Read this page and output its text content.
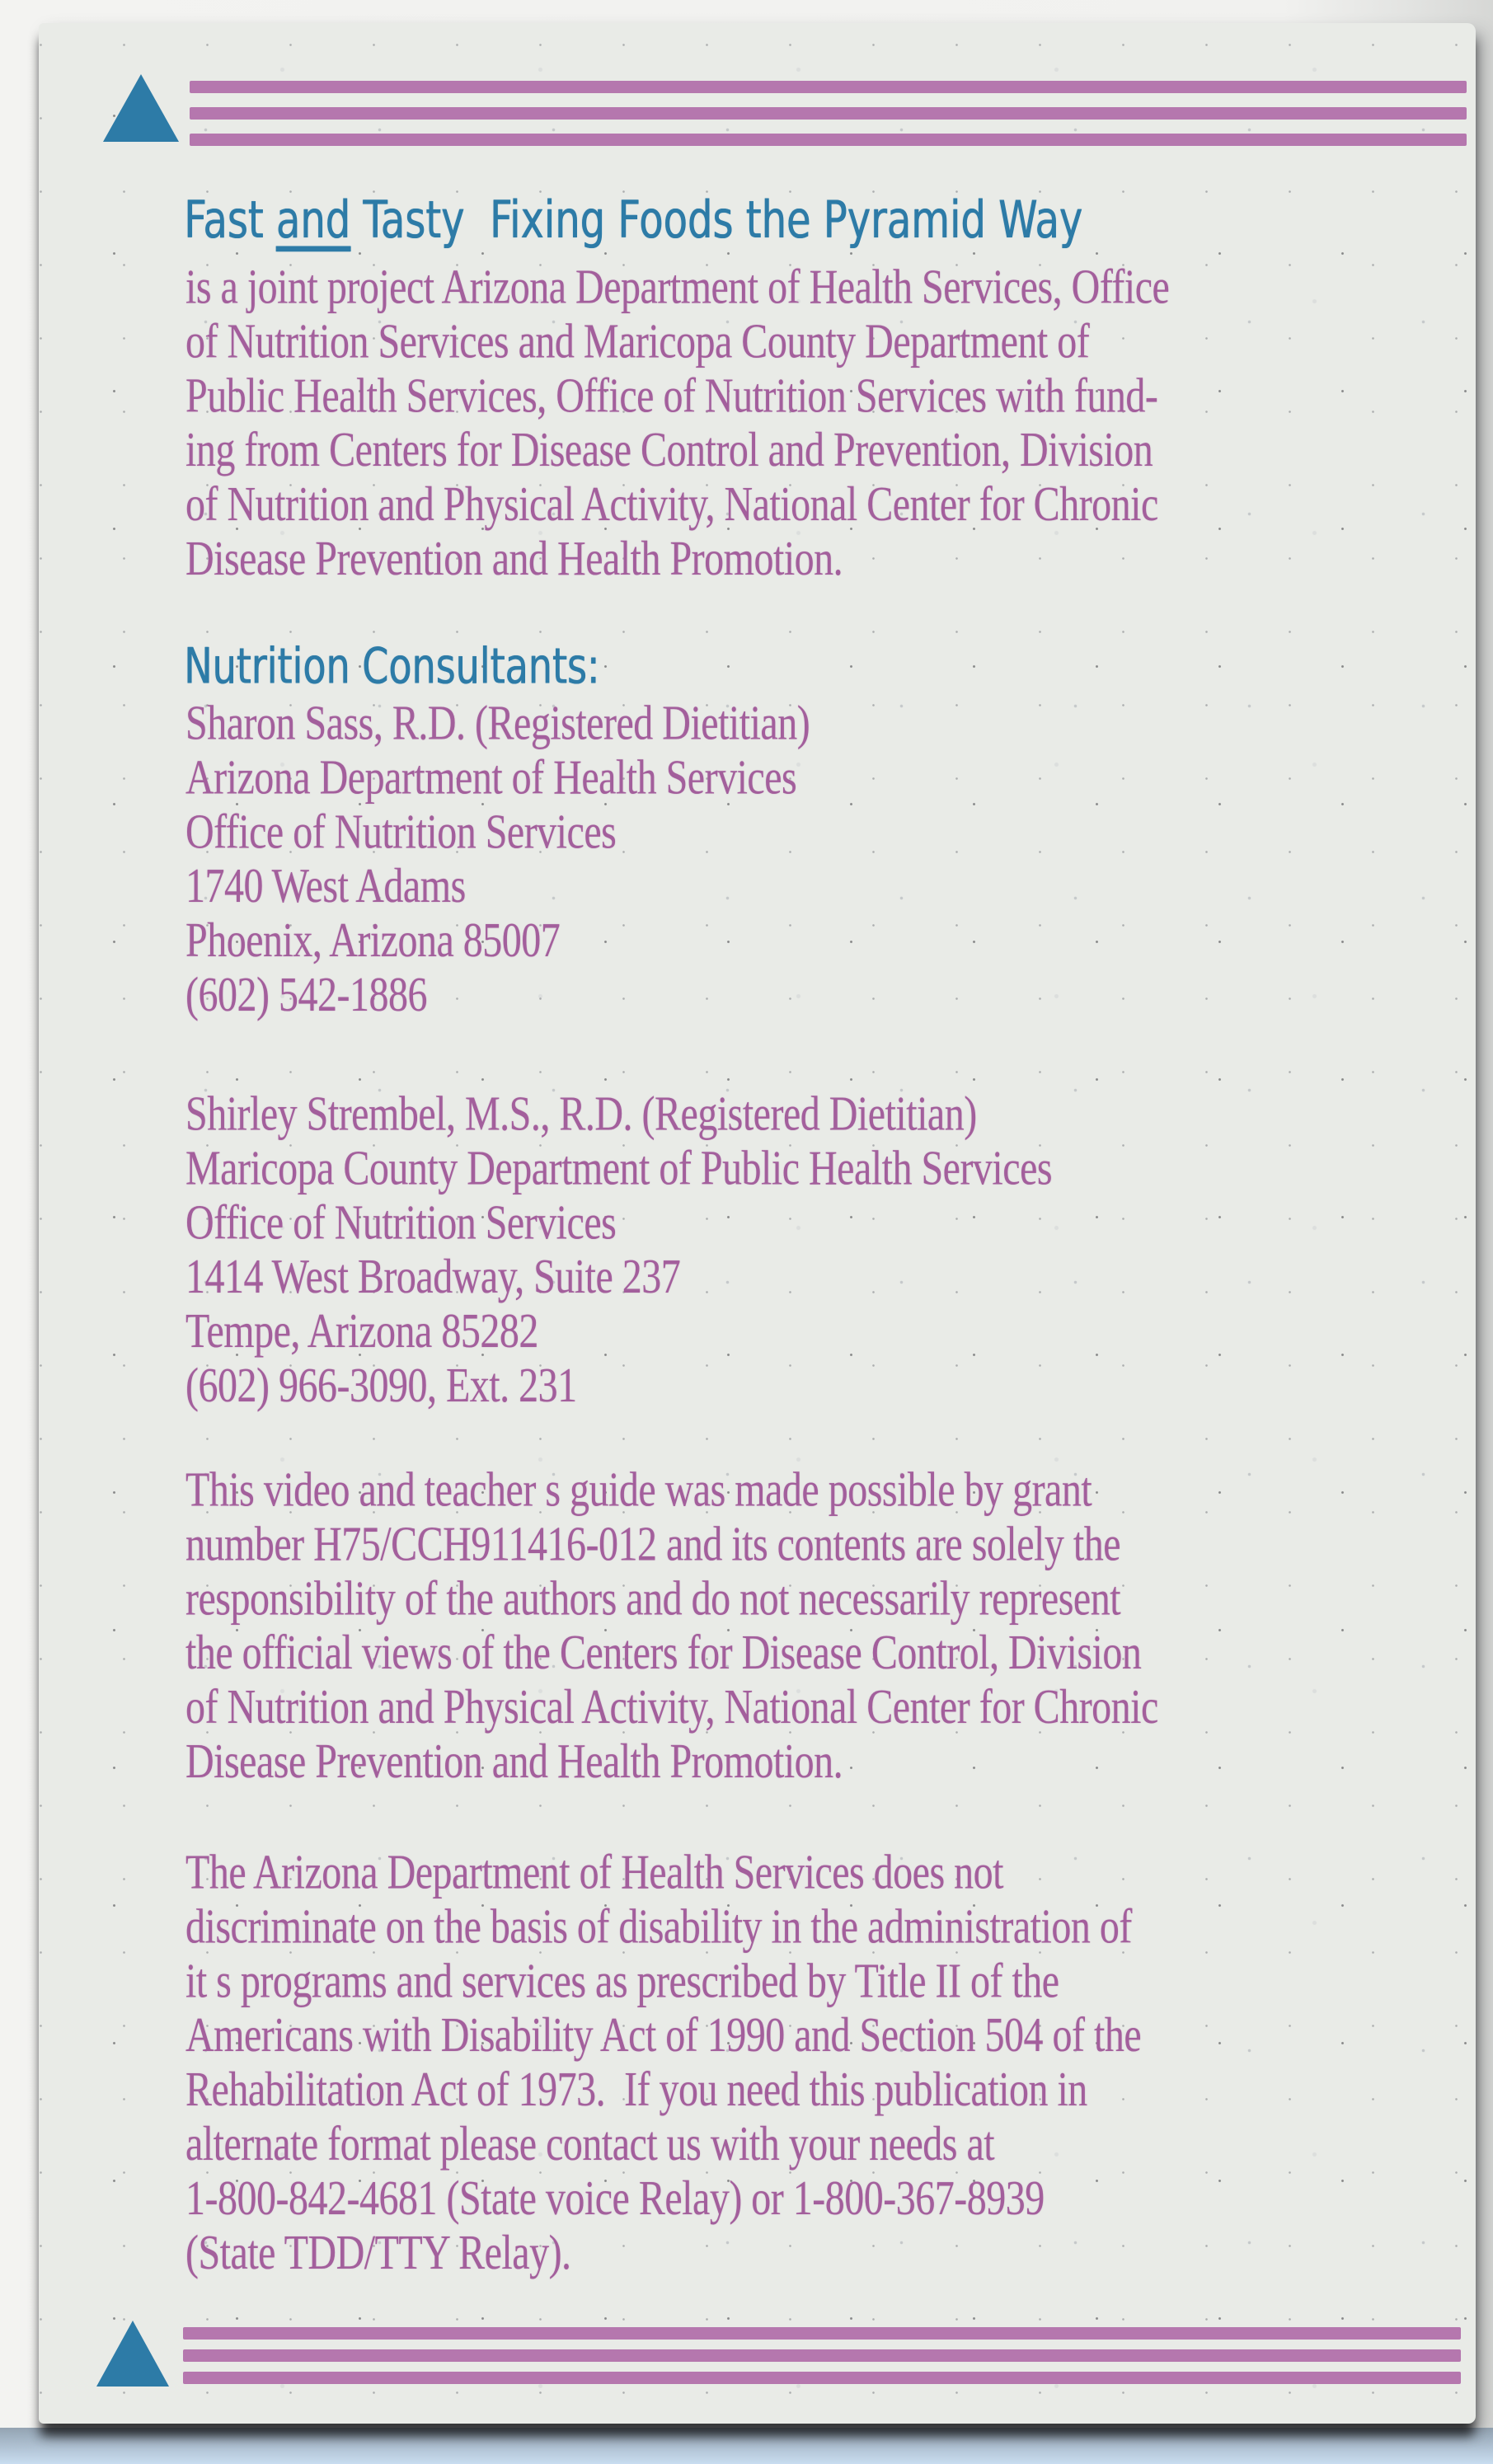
Fast and Tasty  Fixing Foods the Pyramid Way
is a joint project Arizona Department of Health Services, Office
of Nutrition Services and Maricopa County Department of
Public Health Services, Office of Nutrition Services with fund-
ing from Centers for Disease Control and Prevention, Division
of Nutrition and Physical Activity, National Center for Chronic
Disease Prevention and Health Promotion.
Nutrition Consultants:
Sharon Sass, R.D. (Registered Dietitian)
Arizona Department of Health Services
Office of Nutrition Services
1740 West Adams
Phoenix, Arizona 85007
(602) 542-1886
Shirley Strembel, M.S., R.D. (Registered Dietitian)
Maricopa County Department of Public Health Services
Office of Nutrition Services
1414 West Broadway, Suite 237
Tempe, Arizona 85282
(602) 966-3090, Ext. 231
This video and teacher s guide was made possible by grant
number H75/CCH911416-012 and its contents are solely the
responsibility of the authors and do not necessarily represent
the official views of the Centers for Disease Control, Division
of Nutrition and Physical Activity, National Center for Chronic
Disease Prevention and Health Promotion.
The Arizona Department of Health Services does not
discriminate on the basis of disability in the administration of
it s programs and services as prescribed by Title II of the
Americans with Disability Act of 1990 and Section 504 of the
Rehabilitation Act of 1973.  If you need this publication in
alternate format please contact us with your needs at
1-800-842-4681 (State voice Relay) or 1-800-367-8939
(State TDD/TTY Relay).
